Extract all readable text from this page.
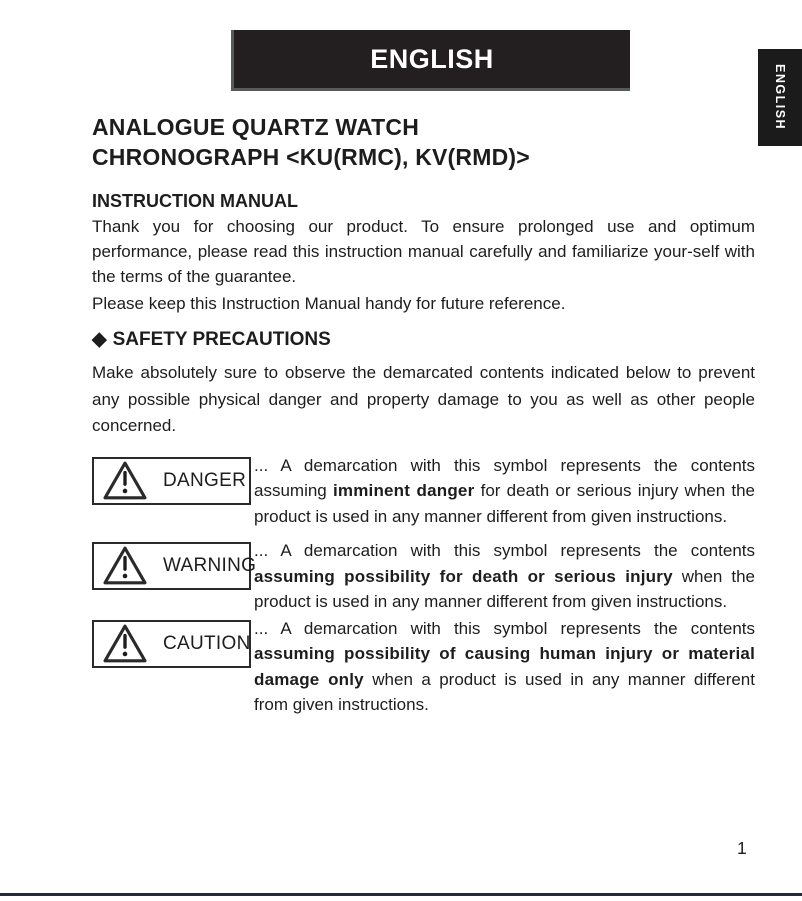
ENGLISH
ENGLISH
ANALOGUE QUARTZ WATCH
CHRONOGRAPH <KU(RMC), KV(RMD)>
INSTRUCTION MANUAL

Thank you for choosing our product. To ensure prolonged use and optimum performance, please read this instruction manual carefully and familiarize your-self with the terms of the guarantee.

Please keep this Instruction Manual handy for future reference.

◆ SAFETY PRECAUTIONS

Make absolutely sure to observe the demarcated contents indicated below to prevent any possible physical danger and property damage to you as well as other people concerned.

DANGER

... A demarcation with this symbol represents the contents assuming imminent danger for death or serious injury when the product is used in any manner different from given instructions.

WARNING

... A demarcation with this symbol represents the contents assuming possibility for death or serious injury when the product is used in any manner different from given instructions.

CAUTION

... A demarcation with this symbol represents the contents assuming possibility of causing human injury or material damage only when a product is used in any manner different from given instructions.

1
